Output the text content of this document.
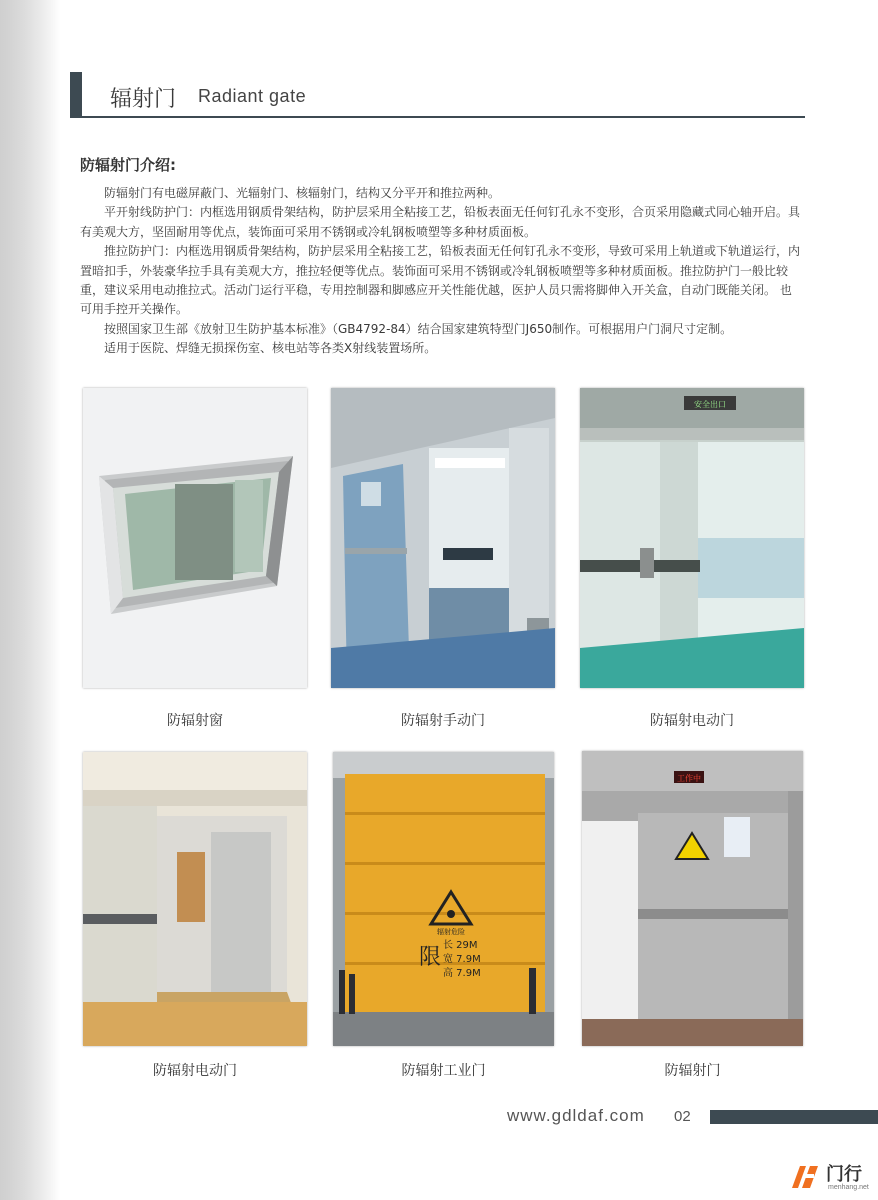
辐射门 Radiant gate
防辐射门介绍:

防辐射门有电磁屏蔽门、光辐射门、核辐射门，结构又分平开和推拉两种。

平开射线防护门：内框选用钢质骨架结构，防护层采用全粘接工艺，铅板表面无任何钉孔永不变形，合页采用隐藏式同心轴开启。具有美观大方，坚固耐用等优点，装饰面可采用不锈钢或冷轧钢板喷塑等多种材质面板。

推拉防护门：内框选用钢质骨架结构，防护层采用全粘接工艺，铅板表面无任何钉孔永不变形，导致可采用上轨道或下轨道运行，内置暗扣手，外装豪华拉手具有美观大方，推拉轻便等优点。装饰面可采用不锈钢或冷轧钢板喷塑等多种材质面板。推拉防护门一般比较重，建议采用电动推拉式。活动门运行平稳，专用控制器和脚感应开关性能优越，医护人员只需将脚伸入开关盒，自动门既能关闭。 也可用手控开关操作。

按照国家卫生部《放射卫生防护基本标准》（GB4792-84）结合国家建筑特型门J650制作。可根据用户门洞尺寸定制。

适用于医院、焊缝无损探伤室、核电站等各类X射线装置场所。

防辐射窗	防辐射手动门
安全出口
防辐射电动门
防辐射电动门
辐射危险
限 长 29M
宽 7.9M
高 7.9M
防辐射工业门
工作中
防辐射门
www.gdldaf.com 02
门行
menhang.net
